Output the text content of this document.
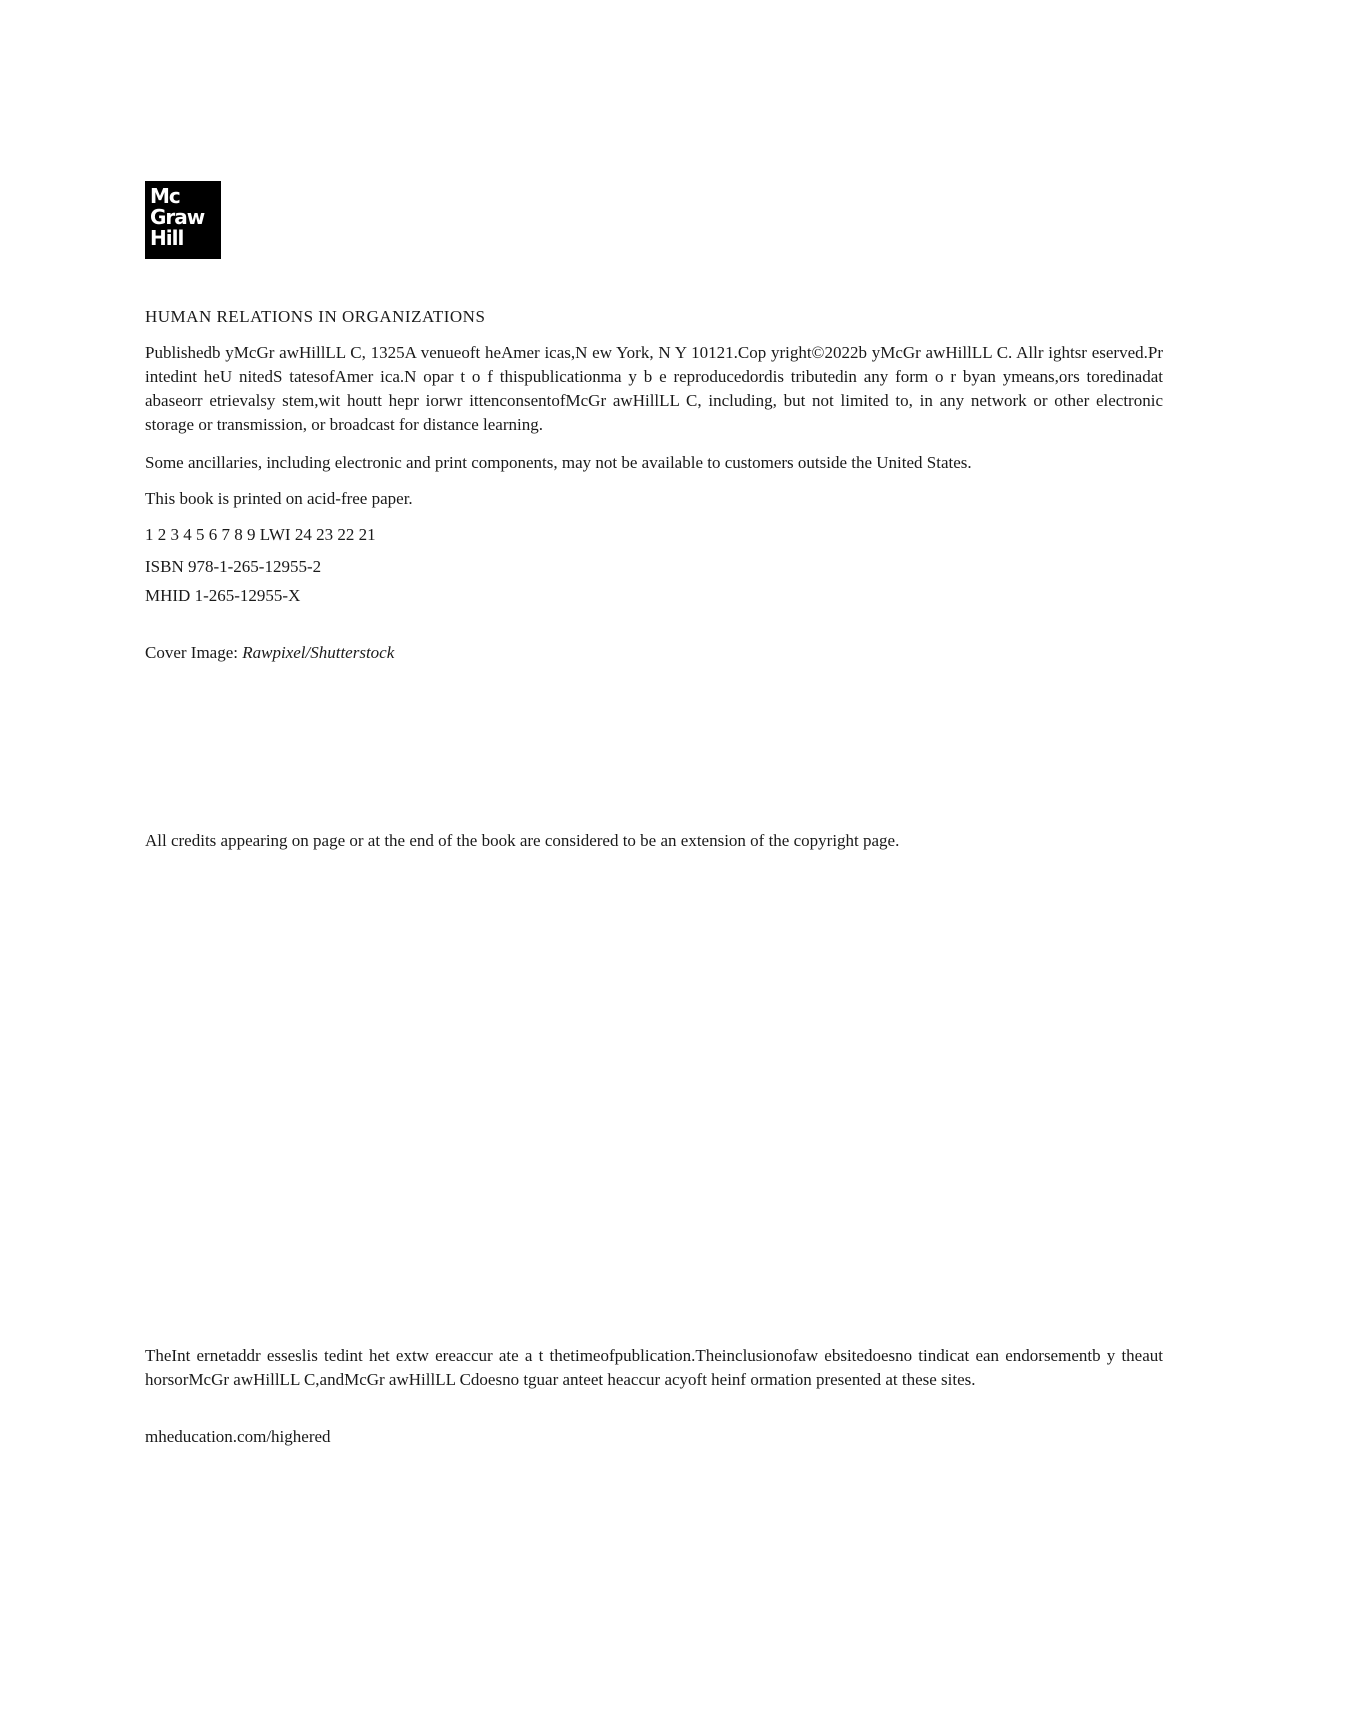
Mc
Graw
Hill

HUMAN RELATIONS IN ORGANIZATIONS

Publishedb yMcGr awHillLL C, 1325A venueoft heAmer icas,N ew York, N Y 10121.Cop yright©2022b yMcGr awHillLL C. Allr ightsr eserved.Pr intedint heU nitedS tatesofAmer ica.N opar t o f thispublicationma y b e reproducedordis tributedin any form o r byan ymeans,ors toredinadat abaseorr etrievalsy stem,wit houtt hepr iorwr ittenconsentofMcGr awHillLL C, including, but not limited to, in any network or other electronic storage or transmission, or broadcast for distance learning.

Some ancillaries, including electronic and print components, may not be available to customers outside the United States.

This book is printed on acid-free paper.

1 2 3 4 5 6 7 8 9 LWI 24 23 22 21

ISBN 978-1-265-12955-2

MHID 1-265-12955-X

Cover Image: Rawpixel/Shutterstock

All credits appearing on page or at the end of the book are considered to be an extension of the copyright page.

TheInt ernetaddr esseslis tedint het extw ereaccur ate a t thetimeofpublication.Theinclusionofaw ebsitedoesno tindicat ean endorsementb y theaut horsorMcGr awHillLL C,andMcGr awHillLL Cdoesno tguar anteet heaccur acyoft heinf ormation presented at these sites.

mheducation.com/highered
